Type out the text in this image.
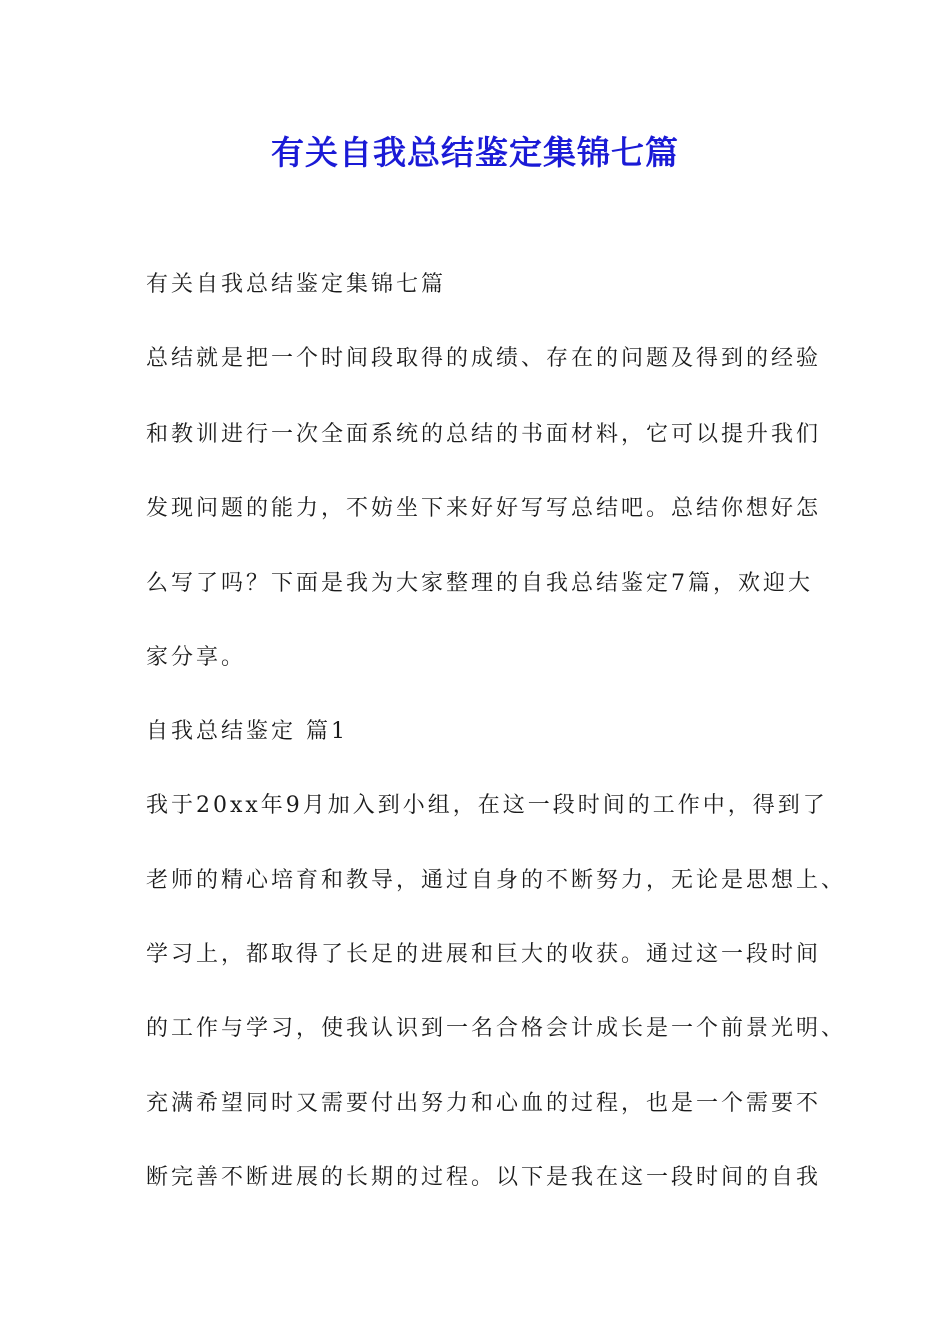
有关自我总结鉴定集锦七篇

有关自我总结鉴定集锦七篇

总结就是把一个时间段取得的成绩、存在的问题及得到的经验

和教训进行一次全面系统的总结的书面材料，它可以提升我们

发现问题的能力，不妨坐下来好好写写总结吧。总结你想好怎

么写了吗？下面是我为大家整理的自我总结鉴定7篇，欢迎大

家分享。

自我总结鉴定 篇1

我于20xx年9月加入到小组，在这一段时间的工作中，得到了

老师的精心培育和教导，通过自身的不断努力，无论是思想上、

学习上，都取得了长足的进展和巨大的收获。通过这一段时间

的工作与学习，使我认识到一名合格会计成长是一个前景光明、

充满希望同时又需要付出努力和心血的过程，也是一个需要不

断完善不断进展的长期的过程。以下是我在这一段时间的自我
